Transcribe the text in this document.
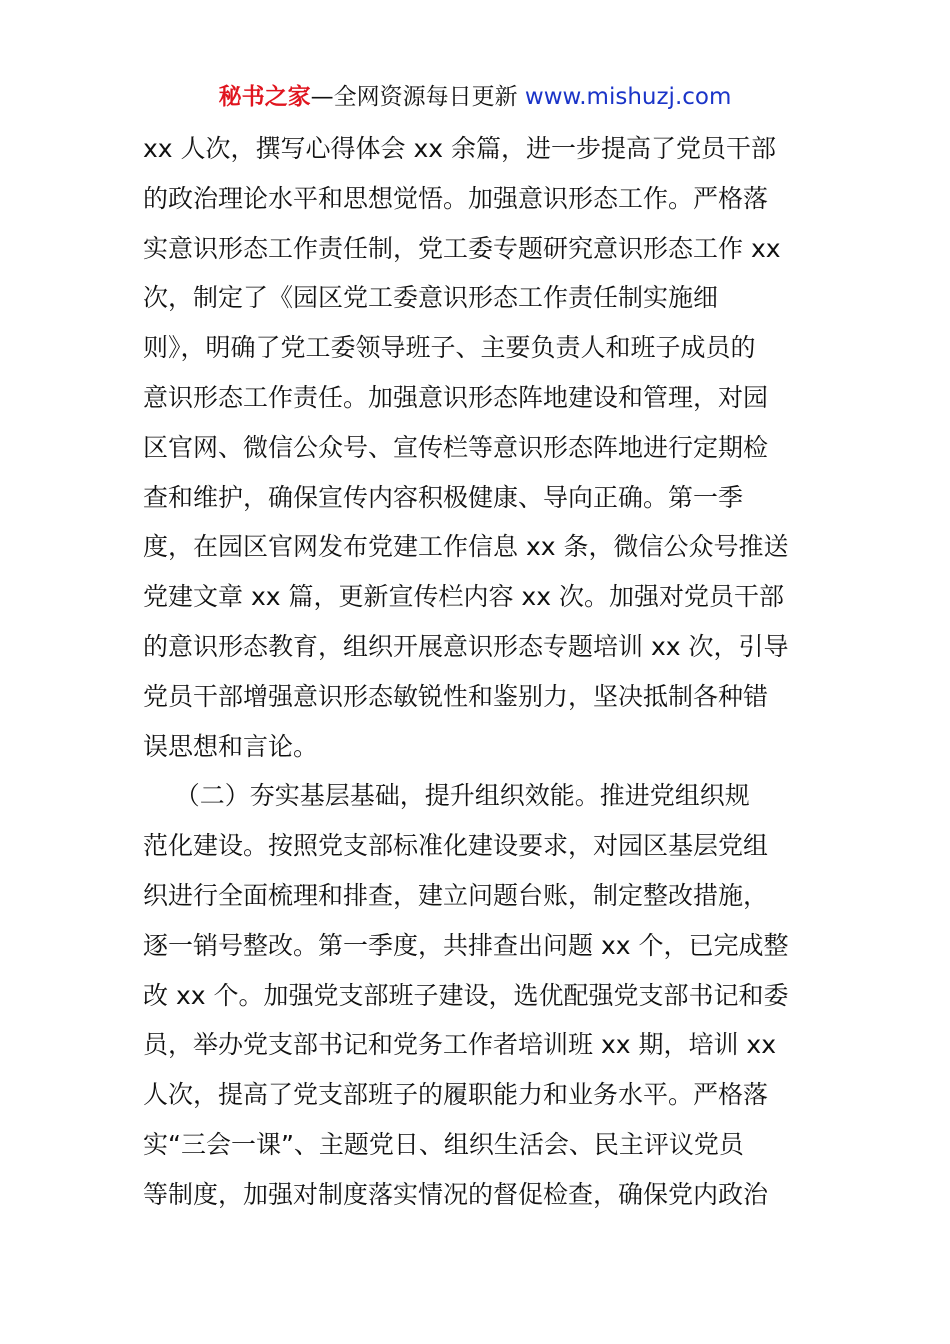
秘书之家—全网资源每日更新 www.mishuzj.com
xx 人次，撰写心得体会 xx 余篇，进一步提高了党员干部
的政治理论水平和思想觉悟。加强意识形态工作。严格落
实意识形态工作责任制，党工委专题研究意识形态工作 xx
次，制定了《园区党工委意识形态工作责任制实施细
则》，明确了党工委领导班子、主要负责人和班子成员的
意识形态工作责任。加强意识形态阵地建设和管理，对园
区官网、微信公众号、宣传栏等意识形态阵地进行定期检
查和维护，确保宣传内容积极健康、导向正确。第一季
度，在园区官网发布党建工作信息 xx 条，微信公众号推送
党建文章 xx 篇，更新宣传栏内容 xx 次。加强对党员干部
的意识形态教育，组织开展意识形态专题培训 xx 次，引导
党员干部增强意识形态敏锐性和鉴别力，坚决抵制各种错
误思想和言论。
（二）夯实基层基础，提升组织效能。推进党组织规
范化建设。按照党支部标准化建设要求，对园区基层党组
织进行全面梳理和排查，建立问题台账，制定整改措施，
逐一销号整改。第一季度，共排查出问题 xx 个，已完成整
改 xx 个。加强党支部班子建设，选优配强党支部书记和委
员，举办党支部书记和党务工作者培训班 xx 期，培训 xx
人次，提高了党支部班子的履职能力和业务水平。严格落
实“三会一课”、主题党日、组织生活会、民主评议党员
等制度，加强对制度落实情况的督促检查，确保党内政治
